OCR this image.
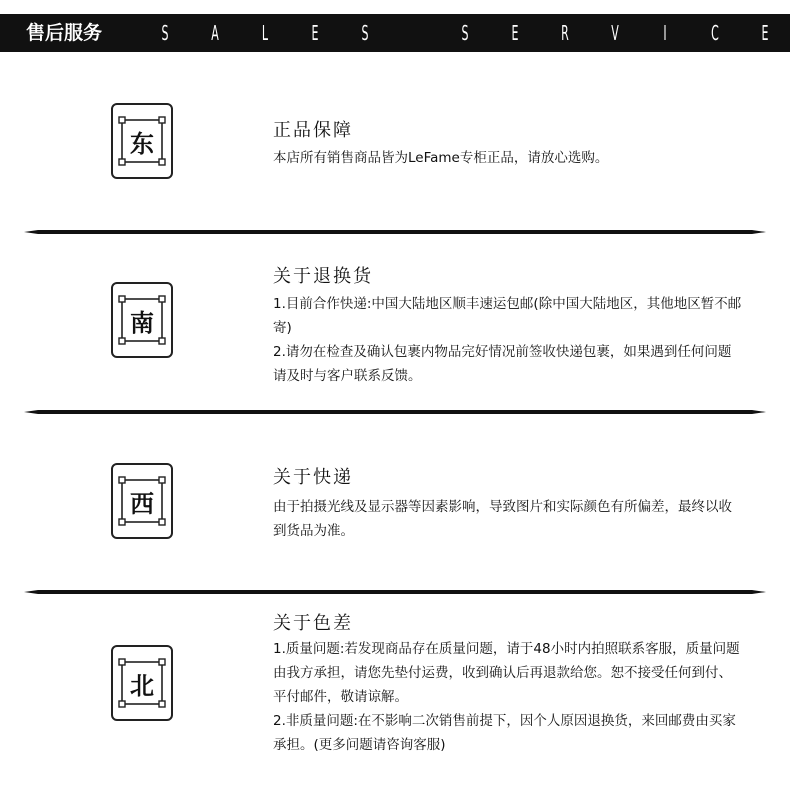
售后服务	S	A	L	E	S	S	E	R	V	I	C	E
东	正品保障

本店所有销售商品皆为LeFame专柜正品，请放心选购。

南
关于退换货

1.目前合作快递:中国大陆地区顺丰速运包邮(除中国大陆地区，其他地区暂不邮寄)

2.请勿在检查及确认包裹内物品完好情况前签收快递包裹，如果遇到任何问题请及时与客户联系反馈。

西
关于快递

由于拍摄光线及显示器等因素影响，导致图片和实际颜色有所偏差，最终以收到货品为准。

北
关于色差

1.质量问题:若发现商品存在质量问题，请于48小时内拍照联系客服，质量问题由我方承担，请您先垫付运费，收到确认后再退款给您。恕不接受任何到付、平付邮件，敬请谅解。

2.非质量问题:在不影响二次销售前提下，因个人原因退换货，来回邮费由买家承担。(更多问题请咨询客服)
